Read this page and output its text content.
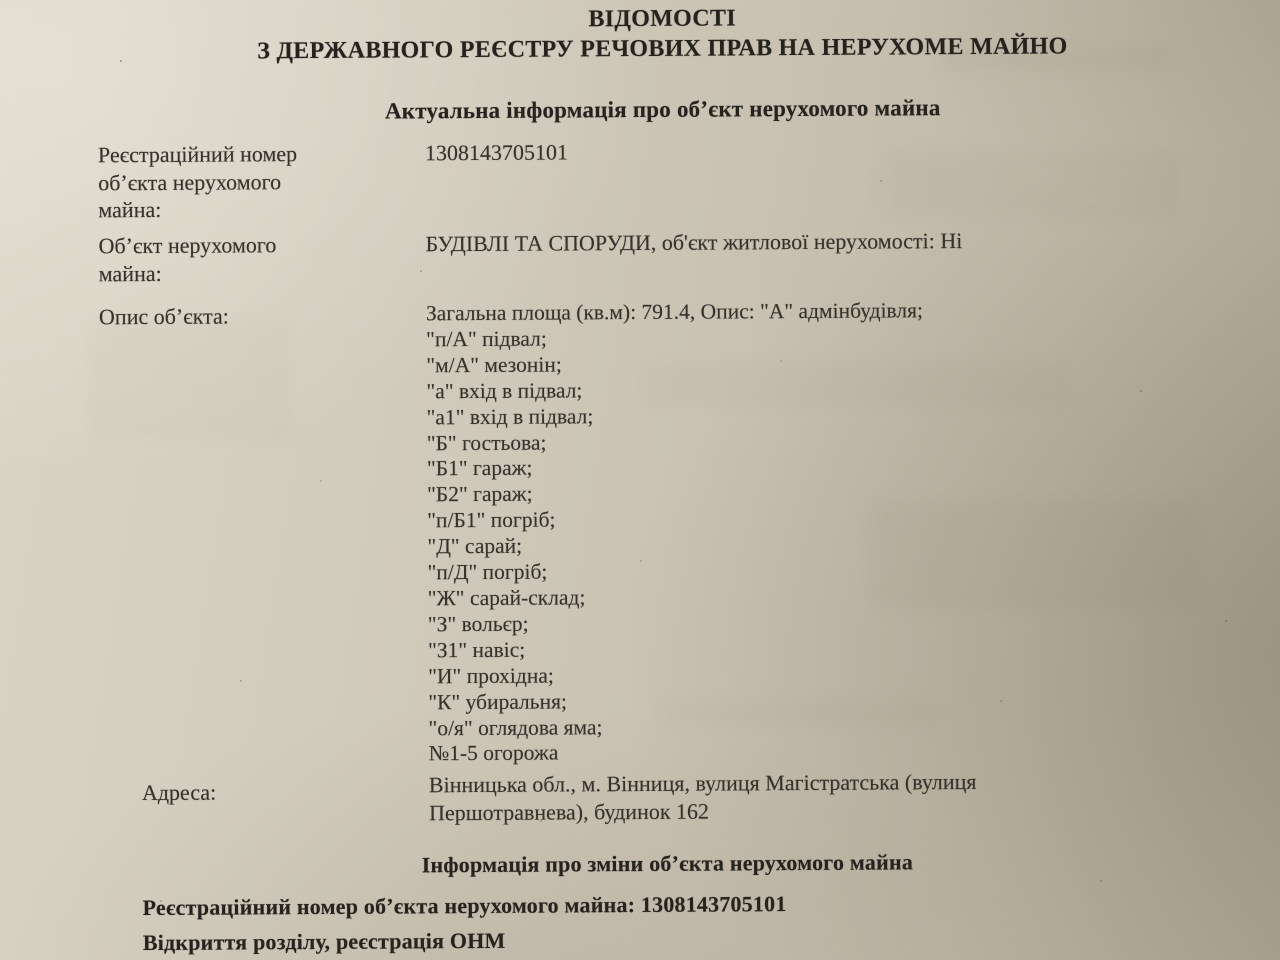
ВІДОМОСТІ
З ДЕРЖАВНОГО РЕЄСТРУ РЕЧОВИХ ПРАВ НА НЕРУХОМЕ МАЙНО
Актуальна інформація про об’єкт нерухомого майна
Реєстраційний номер об’єкта нерухомого майна:
1308143705101
Об’єкт нерухомого майна:
БУДІВЛІ ТА СПОРУДИ, об'єкт житлової нерухомості: Ні
Опис об’єкта:	Загальна площа (кв.м): 791.4, Опис: "А" адмінбудівля;
"п/А" підвал;
"м/А" мезонін;
"а" вхід в підвал;
"а1" вхід в підвал;
"Б" гостьова;
"Б1" гараж;
"Б2" гараж;
"п/Б1" погріб;
"Д" сарай;
"п/Д" погріб;
"Ж" сарай-склад;
"З" вольєр;
"З1" навіс;
"И" прохідна;
"К" убиральня;
"о/я" оглядова яма;
№1-5 огорожа
Адреса:	Вінницька обл., м. Вінниця, вулиця Магістратська (вулиця Першотравнева), будинок 162
Інформація про зміни об’єкта нерухомого майна
Реєстраційний номер об’єкта нерухомого майна: 1308143705101
Відкриття розділу, реєстрація ОНМ
